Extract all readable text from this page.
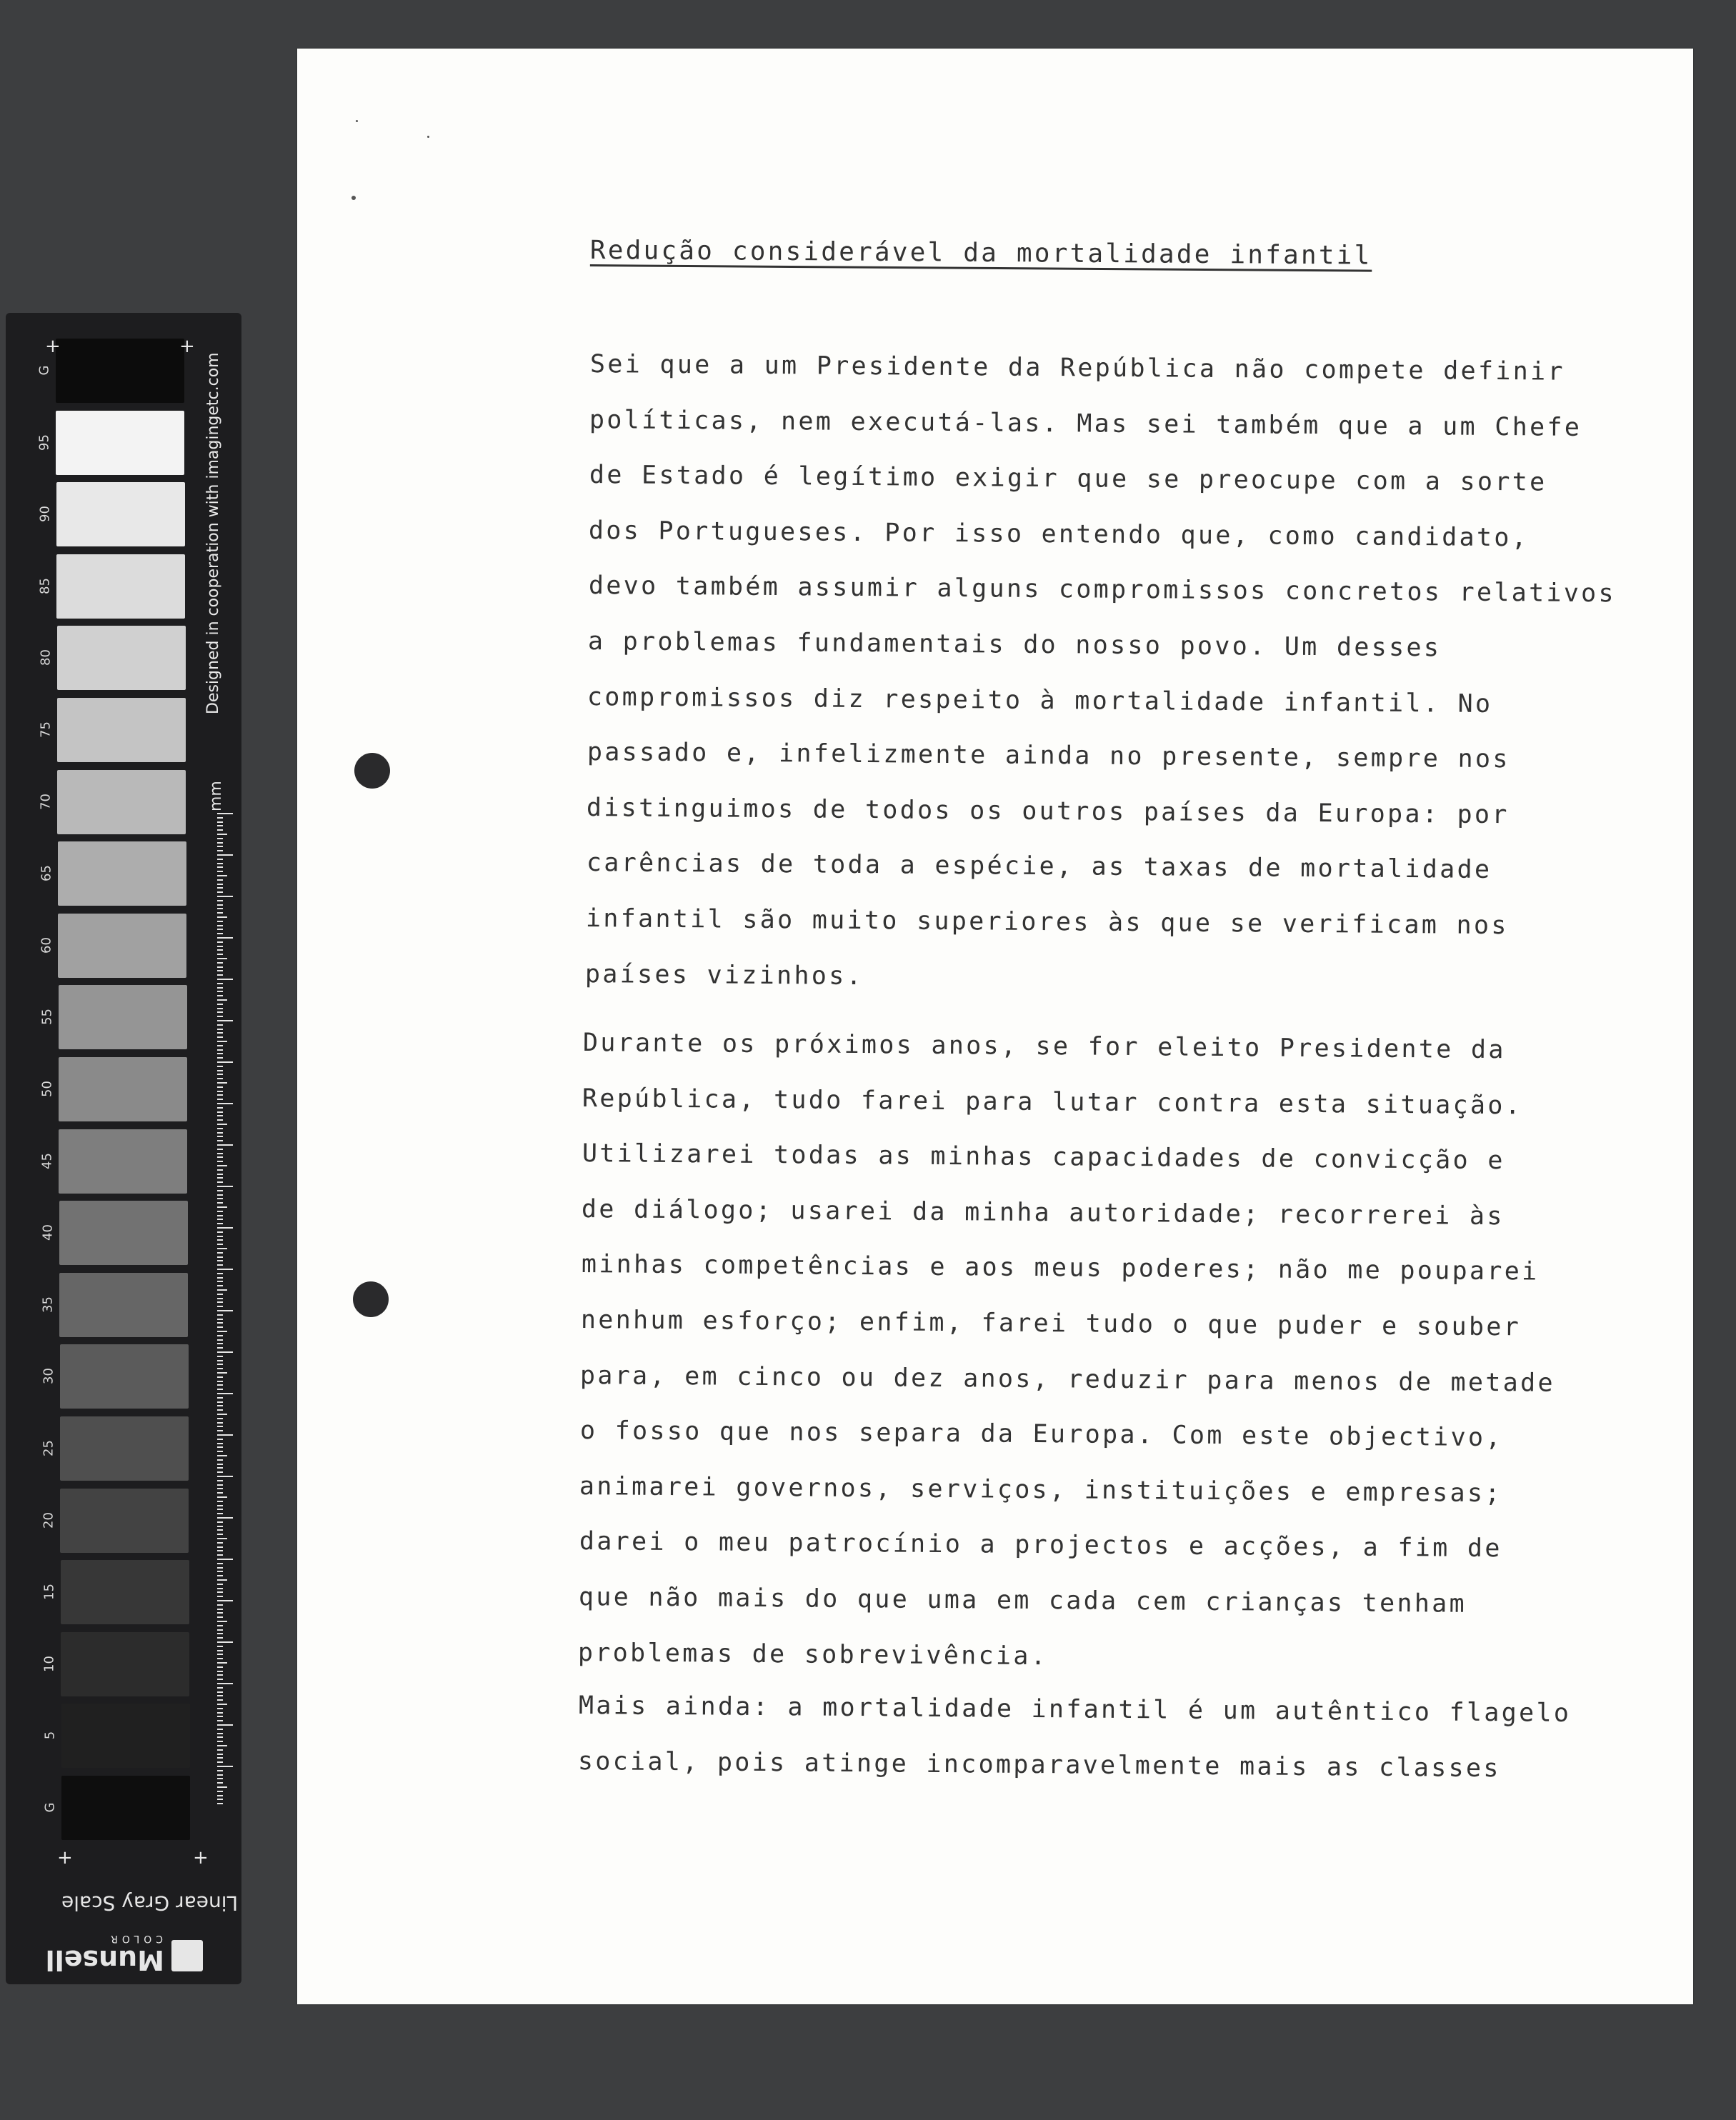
G
95
90
85
80
75
70
65
60
55
50
45
40
35
30
25
20
15
10
5
G
+	+
+	+
Designed in cooperation with imagingetc.com
mm
Linear Gray Scale
Munsell
COLOR
Redução considerável da mortalidade infantil
Sei que a um Presidente da República não compete definir
políticas, nem executá-las. Mas sei também que a um Chefe
de Estado é legítimo exigir que se preocupe com a sorte
dos Portugueses. Por isso entendo que, como candidato,
devo também assumir alguns compromissos concretos relativos
a problemas fundamentais do nosso povo. Um desses
compromissos diz respeito à mortalidade infantil. No
passado e, infelizmente ainda no presente, sempre nos
distinguimos de todos os outros países da Europa: por
carências de toda a espécie, as taxas de mortalidade
infantil são muito superiores às que se verificam nos
países vizinhos.
Durante os próximos anos, se for eleito Presidente da
República, tudo farei para lutar contra esta situação.
Utilizarei todas as minhas capacidades de convicção e
de diálogo; usarei da minha autoridade; recorrerei às
minhas competências e aos meus poderes; não me pouparei
nenhum esforço; enfim, farei tudo o que puder e souber
para, em cinco ou dez anos, reduzir para menos de metade
o fosso que nos separa da Europa. Com este objectivo,
animarei governos, serviços, instituições e empresas;
darei o meu patrocínio a projectos e acções, a fim de
que não mais do que uma em cada cem crianças tenham
problemas de sobrevivência.
Mais ainda: a mortalidade infantil é um autêntico flagelo
social, pois atinge incomparavelmente mais as classes
